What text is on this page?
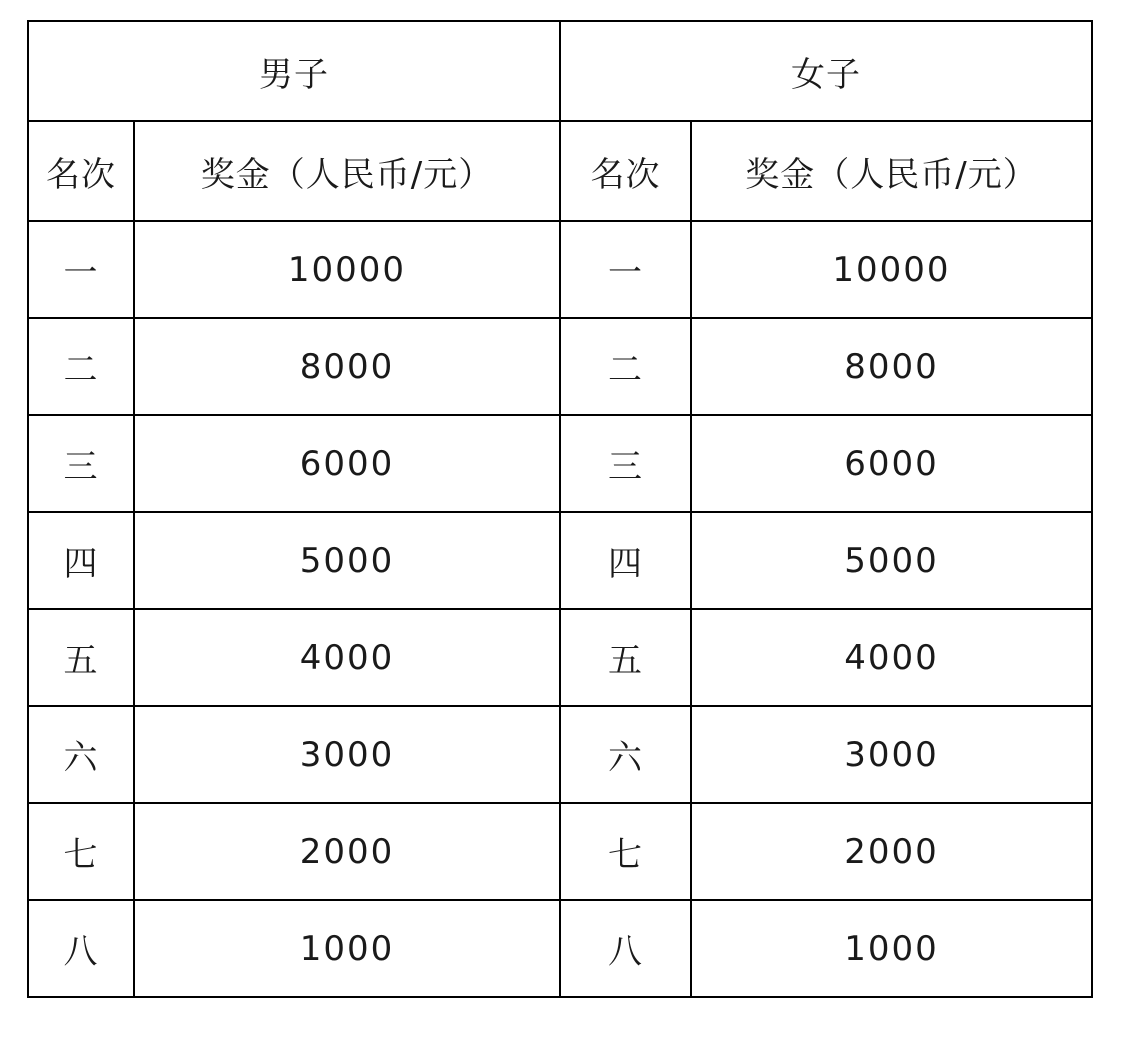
男子		女子	
名次	奖金（人民币/元）	名次	奖金（人民币/元）
一	10000	一	10000
二	8000	二	8000
三	6000	三	6000
四	5000	四	5000
五	4000	五	4000
六	3000	六	3000
七	2000	七	2000
八	1000	八	1000
